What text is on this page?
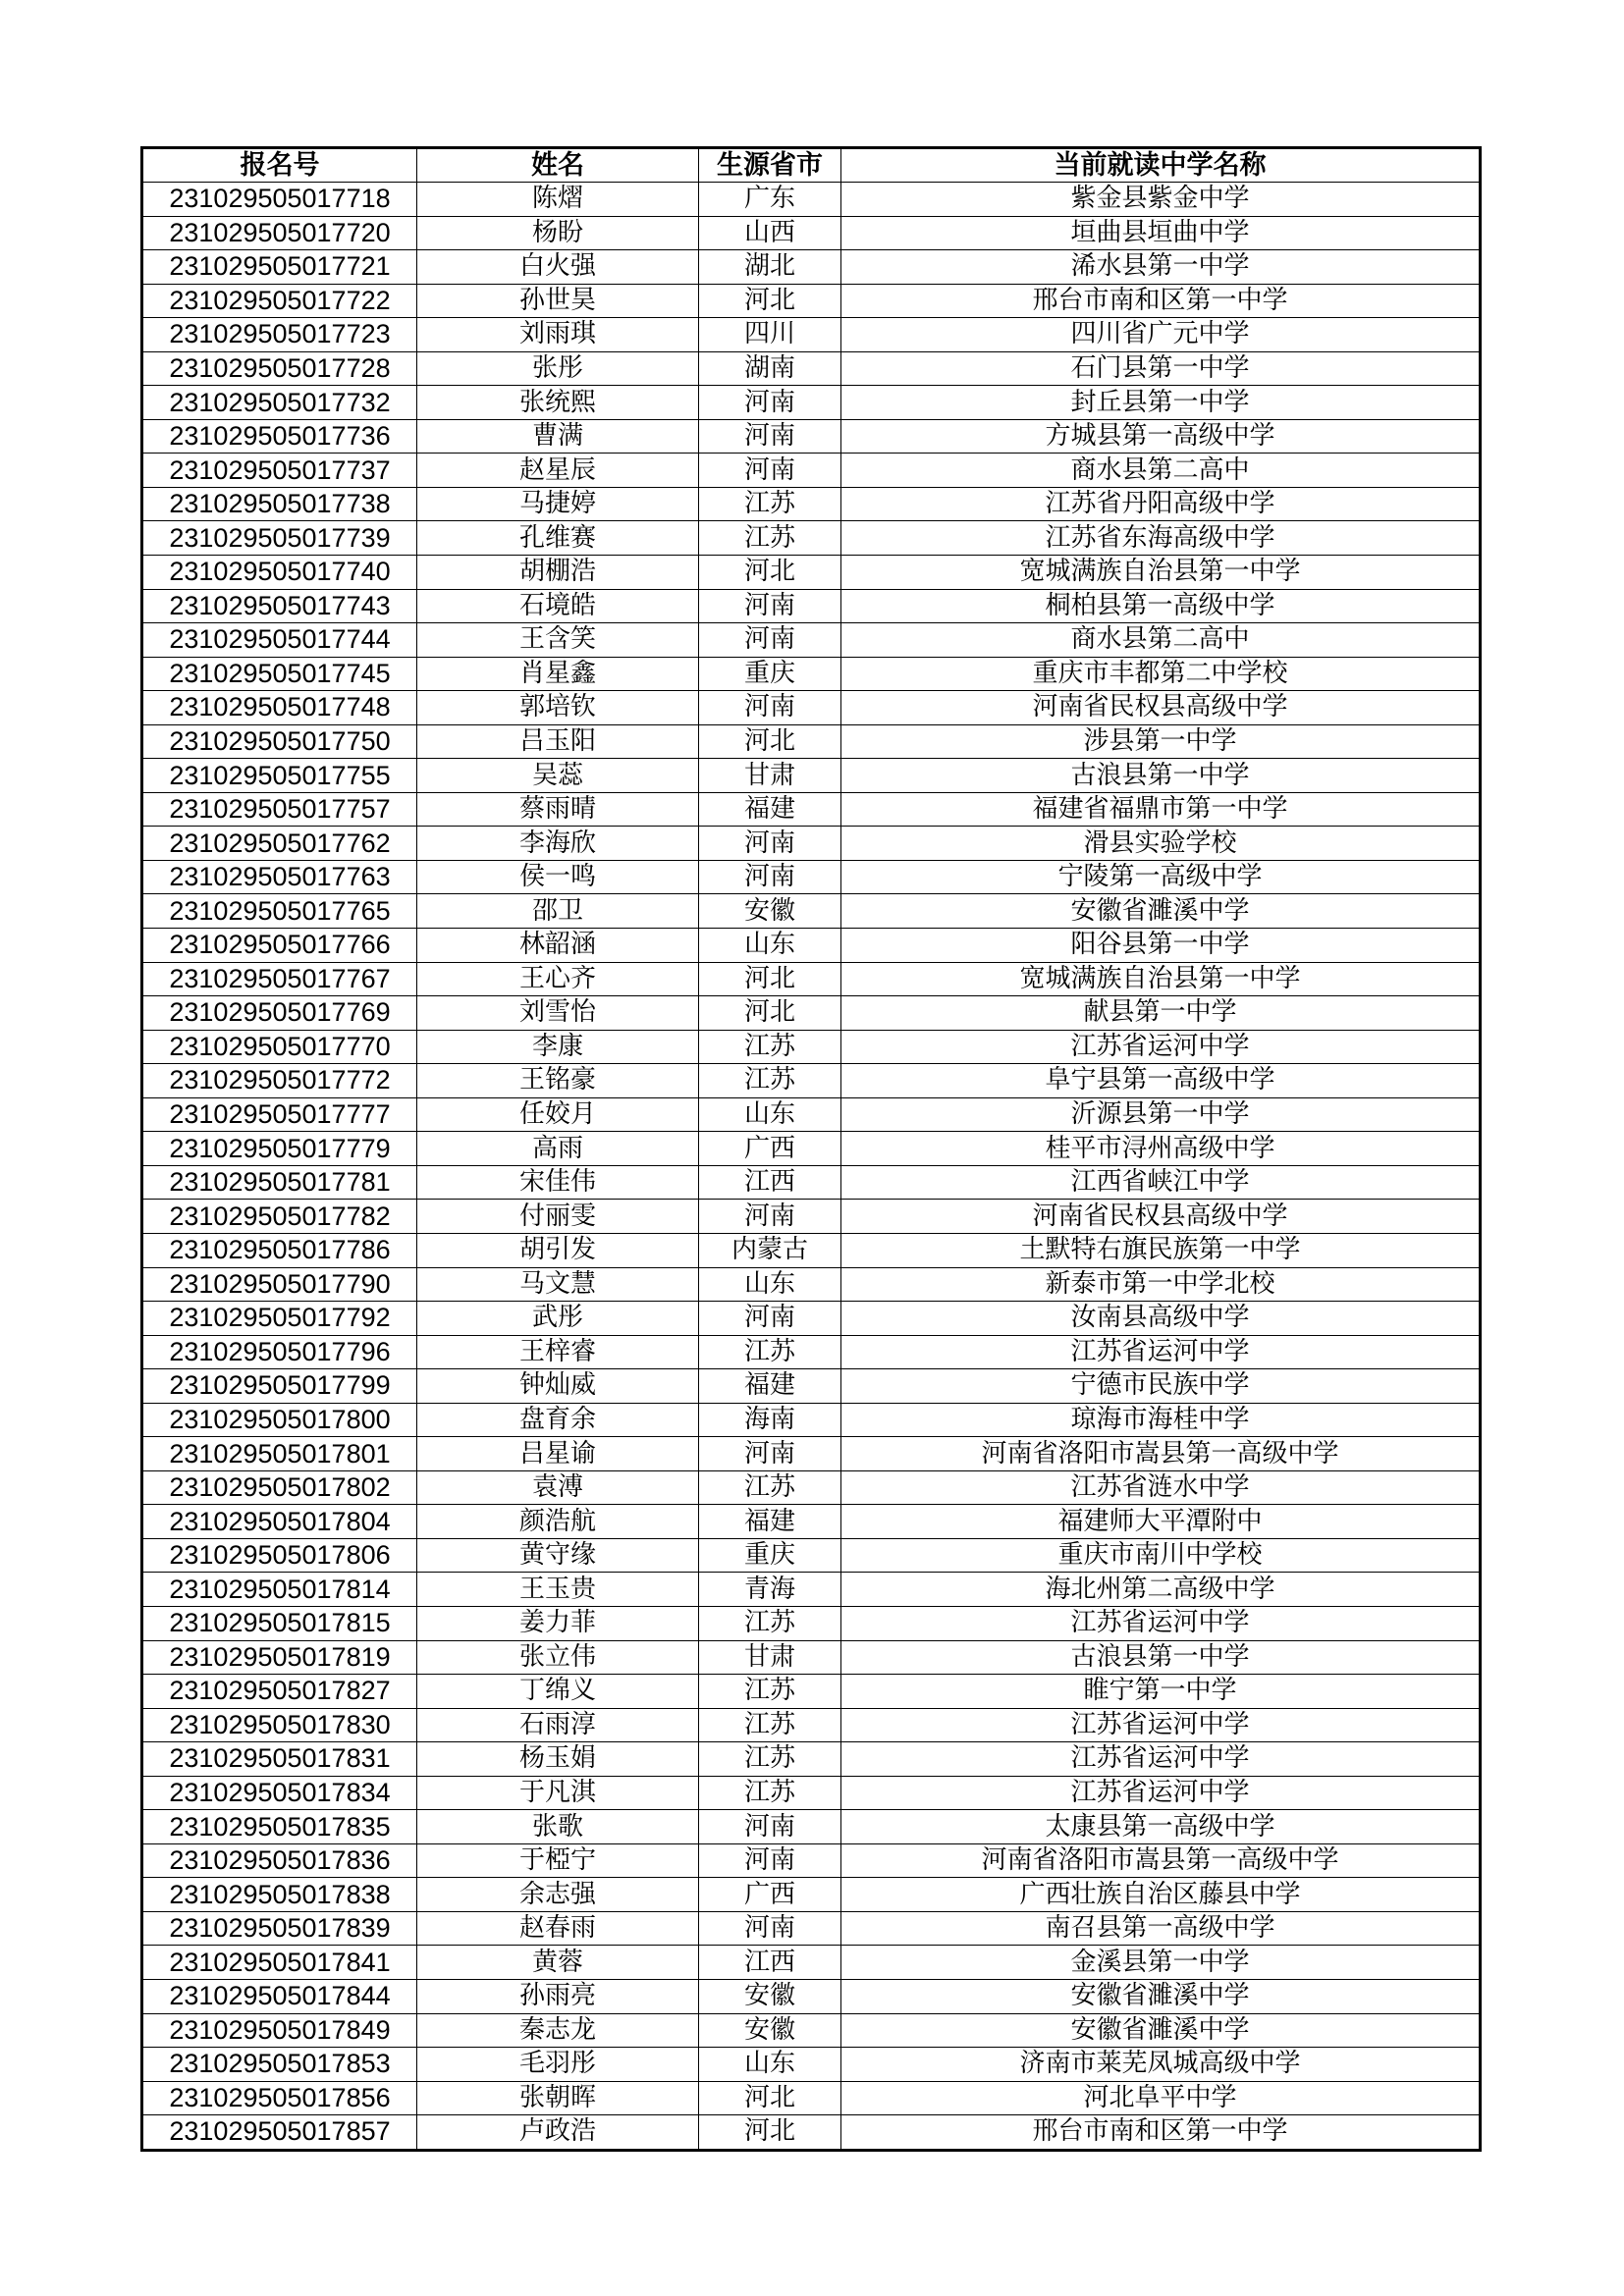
报名号	姓名	生源省市	当前就读中学名称
231029505017718	陈熠	广东	紫金县紫金中学
231029505017720	杨盼	山西	垣曲县垣曲中学
231029505017721	白火强	湖北	浠水县第一中学
231029505017722	孙世昊	河北	邢台市南和区第一中学
231029505017723	刘雨琪	四川	四川省广元中学
231029505017728	张彤	湖南	石门县第一中学
231029505017732	张统熙	河南	封丘县第一中学
231029505017736	曹满	河南	方城县第一高级中学
231029505017737	赵星辰	河南	商水县第二高中
231029505017738	马捷婷	江苏	江苏省丹阳高级中学
231029505017739	孔维赛	江苏	江苏省东海高级中学
231029505017740	胡棚浩	河北	宽城满族自治县第一中学
231029505017743	石境皓	河南	桐柏县第一高级中学
231029505017744	王含笑	河南	商水县第二高中
231029505017745	肖星鑫	重庆	重庆市丰都第二中学校
231029505017748	郭培钦	河南	河南省民权县高级中学
231029505017750	吕玉阳	河北	涉县第一中学
231029505017755	吴蕊	甘肃	古浪县第一中学
231029505017757	蔡雨晴	福建	福建省福鼎市第一中学
231029505017762	李海欣	河南	滑县实验学校
231029505017763	侯一鸣	河南	宁陵第一高级中学
231029505017765	邵卫	安徽	安徽省濉溪中学
231029505017766	林韶涵	山东	阳谷县第一中学
231029505017767	王心齐	河北	宽城满族自治县第一中学
231029505017769	刘雪怡	河北	献县第一中学
231029505017770	李康	江苏	江苏省运河中学
231029505017772	王铭豪	江苏	阜宁县第一高级中学
231029505017777	任姣月	山东	沂源县第一中学
231029505017779	高雨	广西	桂平市浔州高级中学
231029505017781	宋佳伟	江西	江西省峡江中学
231029505017782	付丽雯	河南	河南省民权县高级中学
231029505017786	胡引发	内蒙古	土默特右旗民族第一中学
231029505017790	马文慧	山东	新泰市第一中学北校
231029505017792	武彤	河南	汝南县高级中学
231029505017796	王梓睿	江苏	江苏省运河中学
231029505017799	钟灿威	福建	宁德市民族中学
231029505017800	盘育余	海南	琼海市海桂中学
231029505017801	吕星谕	河南	河南省洛阳市嵩县第一高级中学
231029505017802	袁溥	江苏	江苏省涟水中学
231029505017804	颜浩航	福建	福建师大平潭附中
231029505017806	黄守缘	重庆	重庆市南川中学校
231029505017814	王玉贵	青海	海北州第二高级中学
231029505017815	姜力菲	江苏	江苏省运河中学
231029505017819	张立伟	甘肃	古浪县第一中学
231029505017827	丁绵义	江苏	睢宁第一中学
231029505017830	石雨淳	江苏	江苏省运河中学
231029505017831	杨玉娟	江苏	江苏省运河中学
231029505017834	于凡淇	江苏	江苏省运河中学
231029505017835	张歌	河南	太康县第一高级中学
231029505017836	于椏宁	河南	河南省洛阳市嵩县第一高级中学
231029505017838	余志强	广西	广西壮族自治区藤县中学
231029505017839	赵春雨	河南	南召县第一高级中学
231029505017841	黄蓉	江西	金溪县第一中学
231029505017844	孙雨亮	安徽	安徽省濉溪中学
231029505017849	秦志龙	安徽	安徽省濉溪中学
231029505017853	毛羽彤	山东	济南市莱芜凤城高级中学
231029505017856	张朝晖	河北	河北阜平中学
231029505017857	卢政浩	河北	邢台市南和区第一中学
